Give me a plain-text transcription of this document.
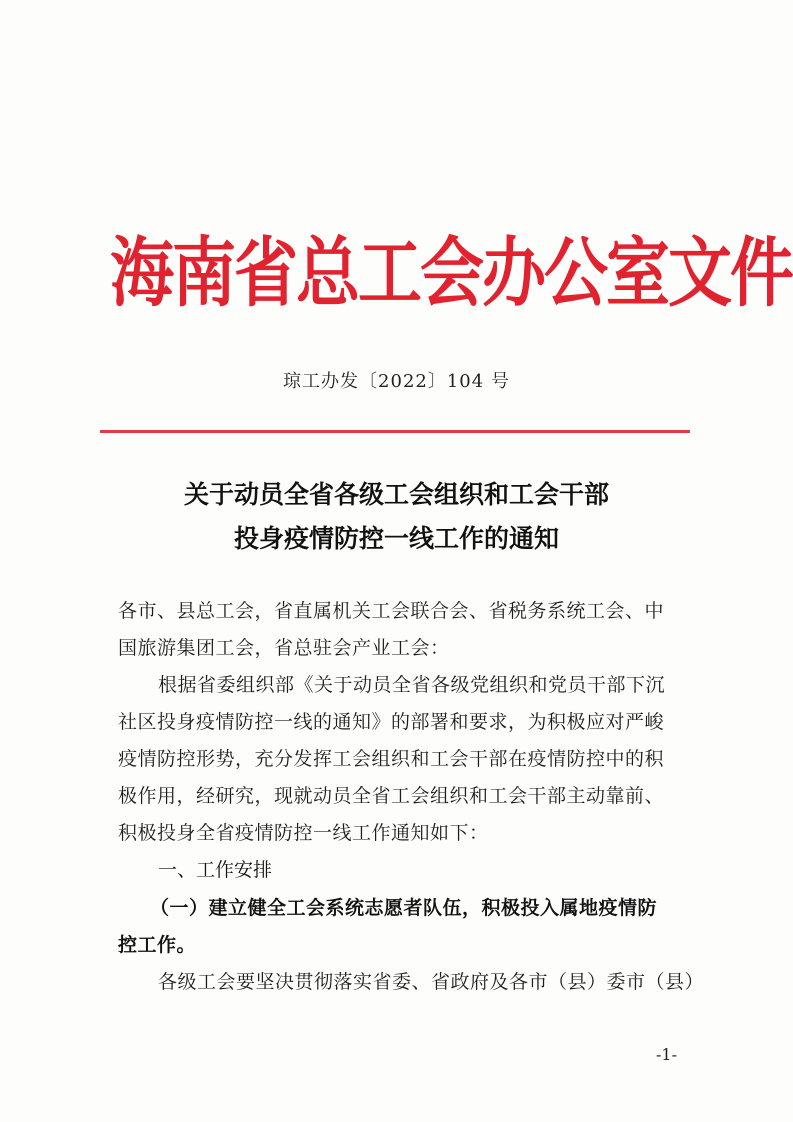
海南省总工会办公室文件
琼工办发〔2022〕104 号
关于动员全省各级工会组织和工会干部
投身疫情防控一线工作的通知
各市、县总工会，省直属机关工会联合会、省税务系统工会、中
国旅游集团工会，省总驻会产业工会：
根据省委组织部《关于动员全省各级党组织和党员干部下沉
社区投身疫情防控一线的通知》的部署和要求，为积极应对严峻
疫情防控形势，充分发挥工会组织和工会干部在疫情防控中的积
极作用，经研究，现就动员全省工会组织和工会干部主动靠前、
积极投身全省疫情防控一线工作通知如下：
一、工作安排
（一）建立健全工会系统志愿者队伍，积极投入属地疫情防
控工作。
各级工会要坚决贯彻落实省委、省政府及各市（县）委市（县）
-1-
